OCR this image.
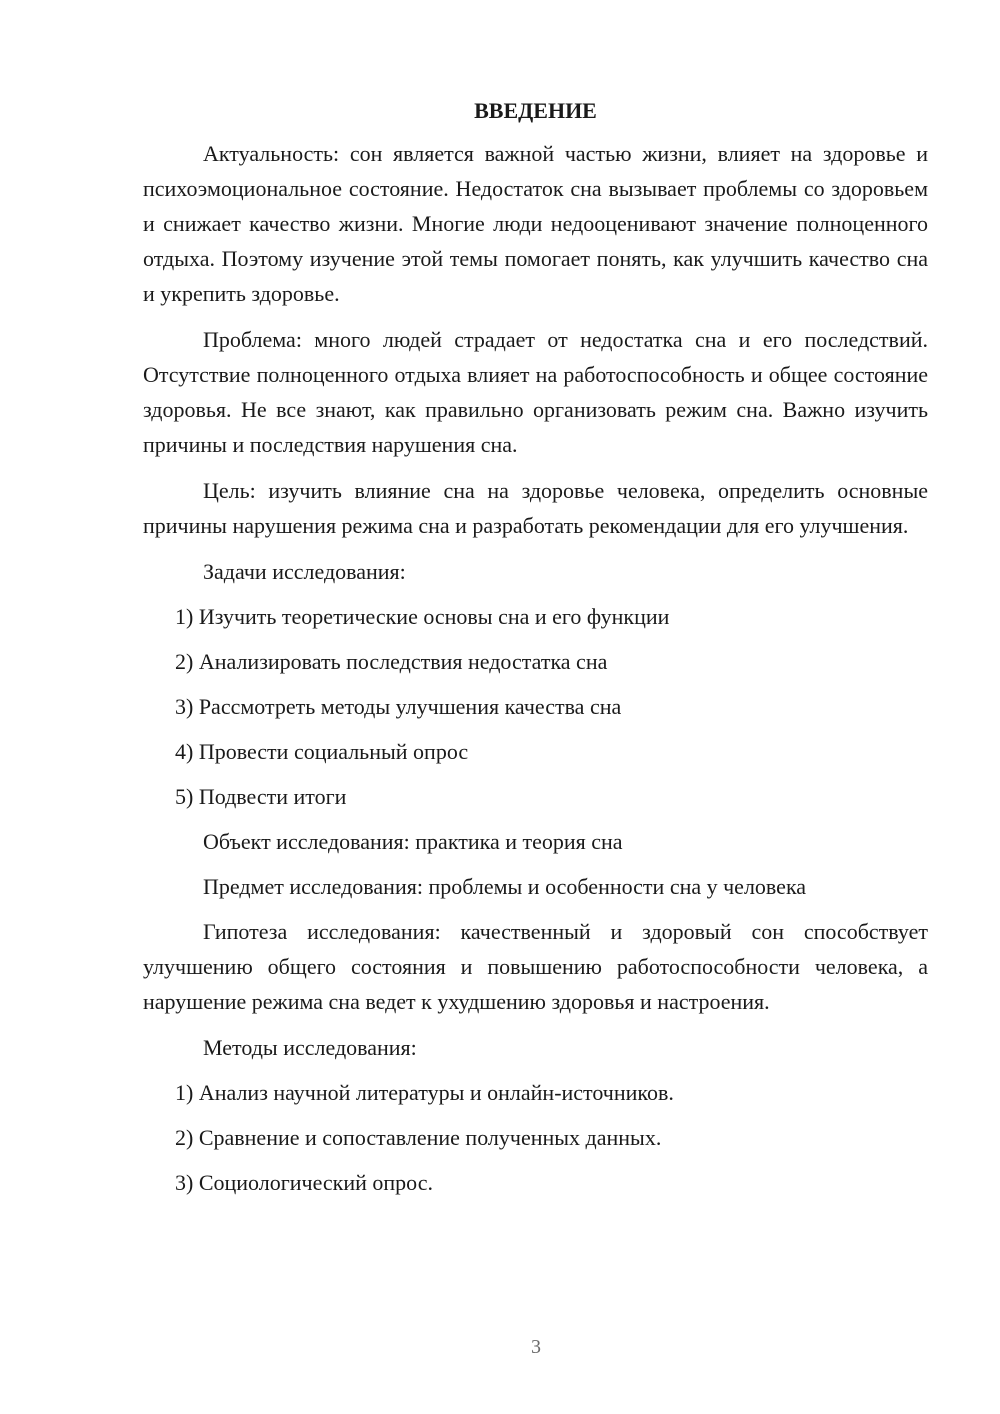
ВВЕДЕНИЕ

Актуальность: сон является важной частью жизни, влияет на здоровье и психоэмоциональное состояние. Недостаток сна вызывает проблемы со здоровьем и снижает качество жизни. Многие люди недооценивают значение полноценного отдыха. Поэтому изучение этой темы помогает понять, как улучшить качество сна и укрепить здоровье.

Проблема: много людей страдает от недостатка сна и его последствий. Отсутствие полноценного отдыха влияет на работоспособность и общее состояние здоровья. Не все знают, как правильно организовать режим сна. Важно изучить причины и последствия нарушения сна.

Цель: изучить влияние сна на здоровье человека, определить основные причины нарушения режима сна и разработать рекомендации для его улучшения.

Задачи исследования:

1) Изучить теоретические основы сна и его функции

2) Анализировать последствия недостатка сна

3) Рассмотреть методы улучшения качества сна

4) Провести социальный опрос

5) Подвести итоги

Объект исследования: практика и теория сна

Предмет исследования: проблемы и особенности сна у человека

Гипотеза исследования: качественный и здоровый сон способствует улучшению общего состояния и повышению работоспособности человека, а нарушение режима сна ведет к ухудшению здоровья и настроения.

Методы исследования:

1) Анализ научной литературы и онлайн-источников.

2) Сравнение и сопоставление полученных данных.

3) Социологический опрос.

3
